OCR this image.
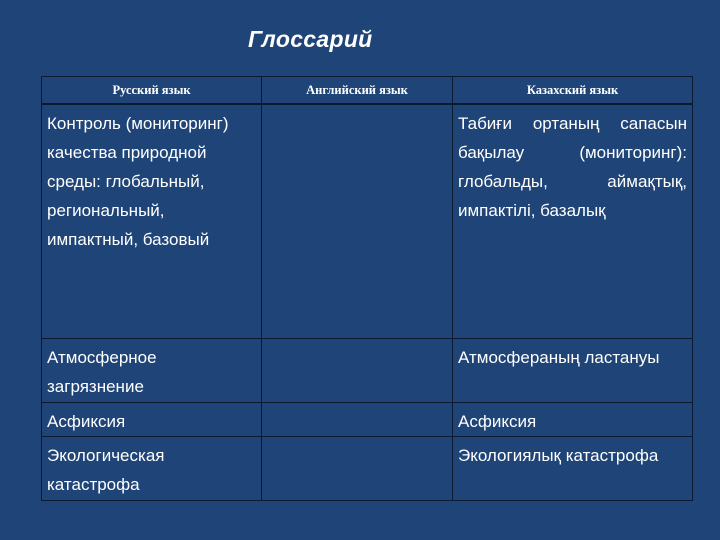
Глоссарий
Русский язык	Английский язык	Казахский язык

Контроль (мониторинг) качества природной среды: глобальный, региональный, импактный, базовый		Табиғи ортаның сапасын бақылау (мониторинг): глобальды, аймақтық, импактілі, базалық

Атмосферное загрязнение		Атмосфераның ластануы

Асфиксия		Асфиксия

Экологическая катастрофа		Экологиялық катастрофа
